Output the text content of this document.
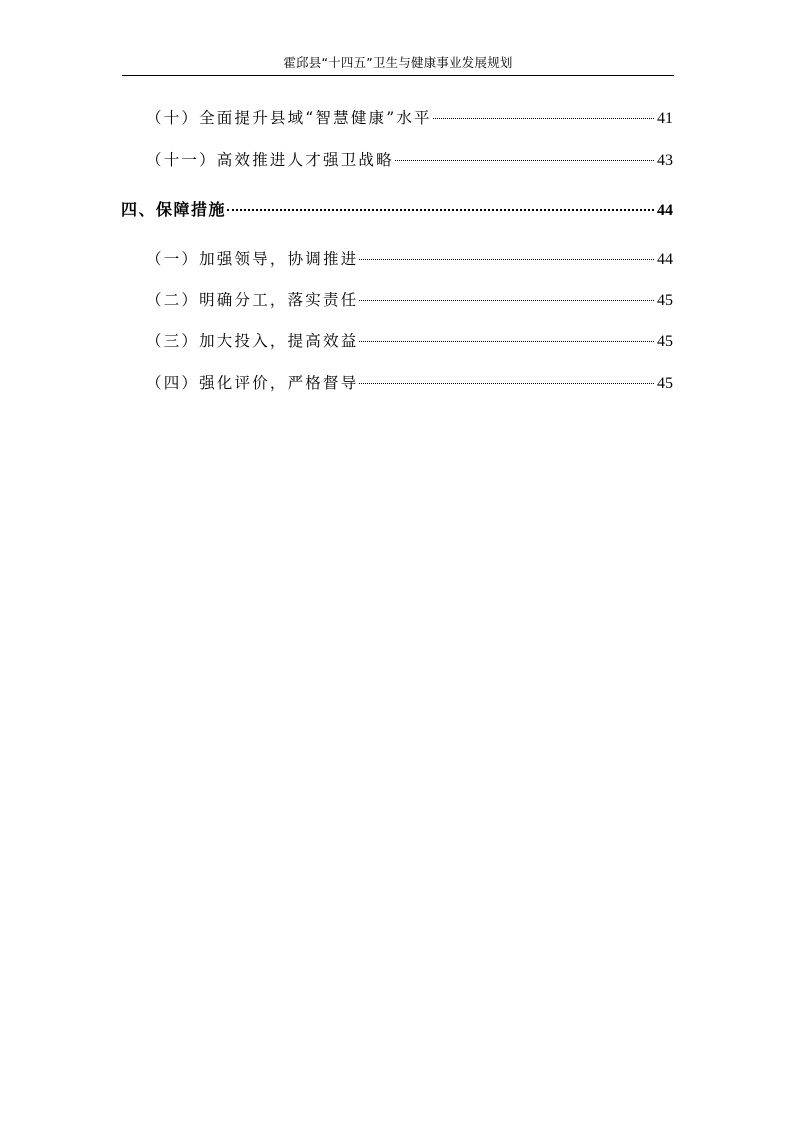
霍邱县“十四五”卫生与健康事业发展规划
（十）全面提升县域“智慧健康”水平	41
（十一）高效推进人才强卫战略	43
四、保障措施	44
（一）加强领导，协调推进	44
（二）明确分工，落实责任	45
（三）加大投入，提高效益	45
（四）强化评价，严格督导	45
